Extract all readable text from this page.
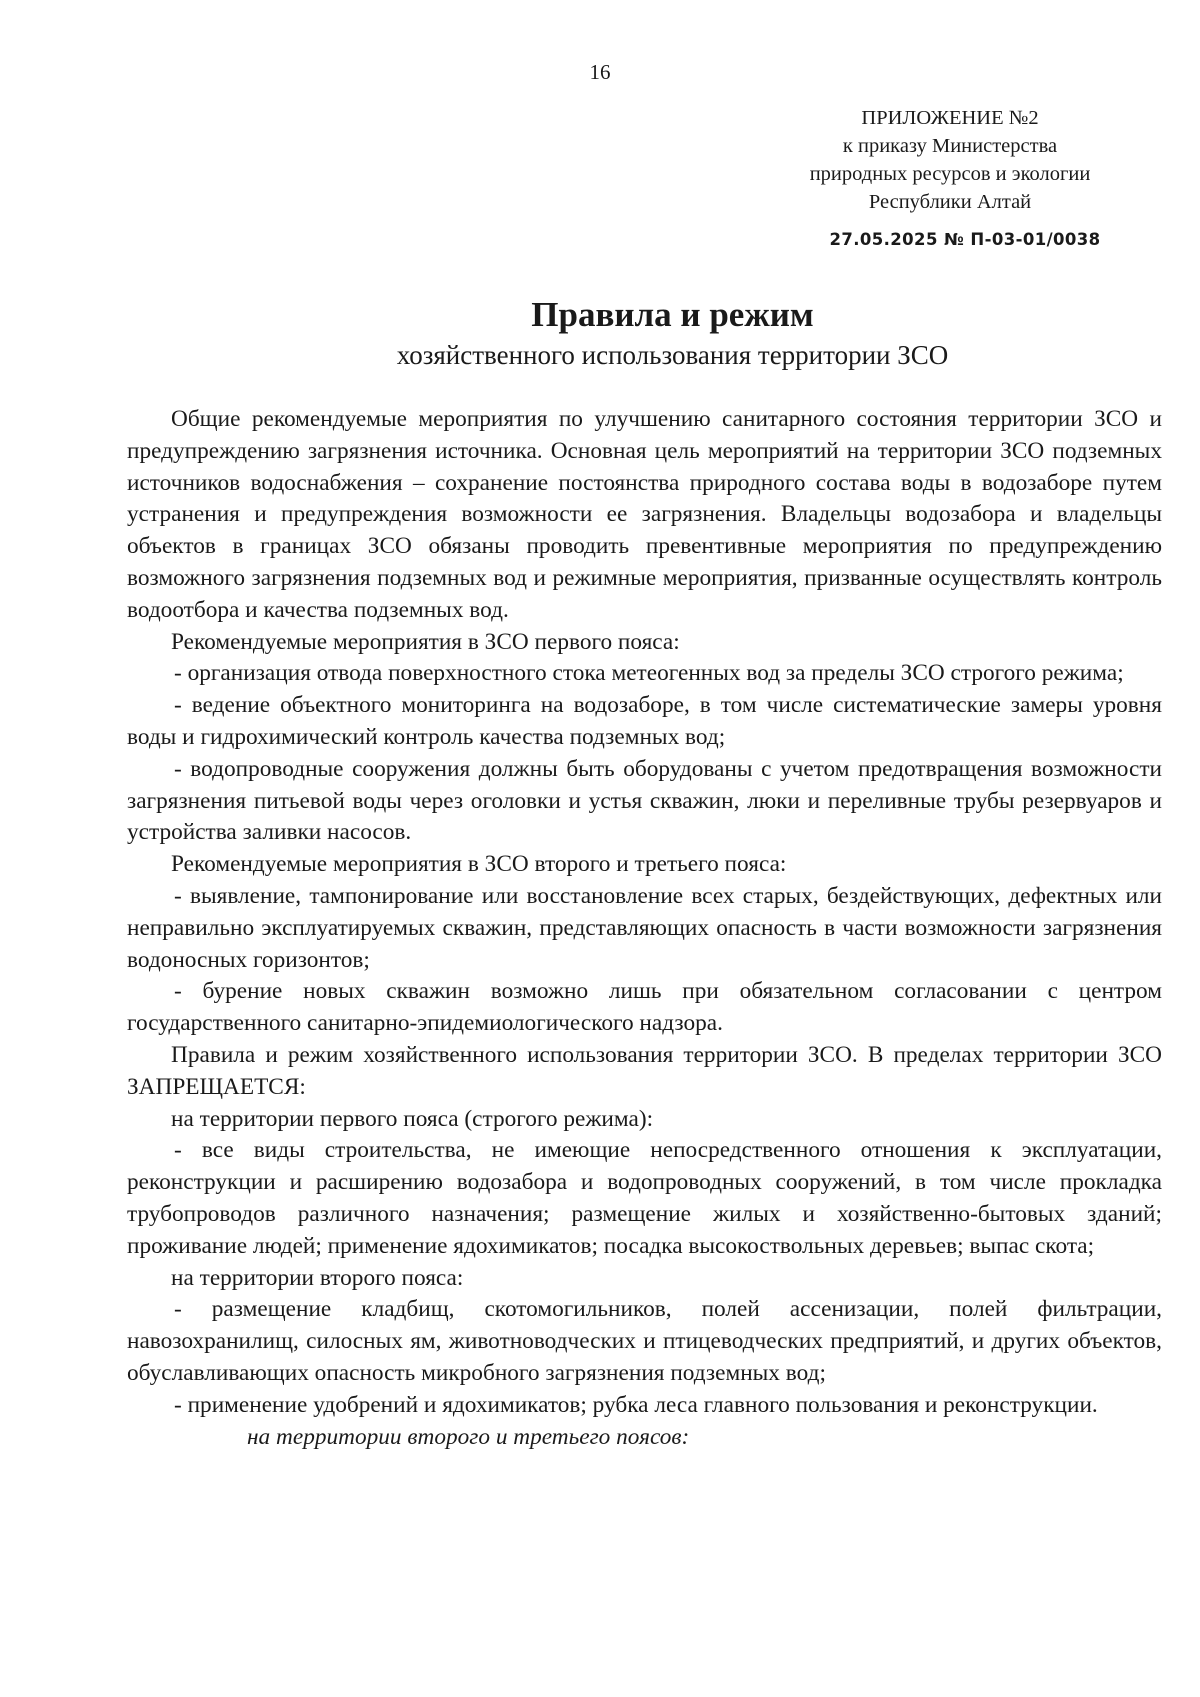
16
ПРИЛОЖЕНИЕ №2
к приказу Министерства
природных ресурсов и экологии
Республики Алтай
27.05.2025 № П-03-01/0038
Правила и режим
хозяйственного использования территории ЗСО

Общие рекомендуемые мероприятия по улучшению санитарного состояния территории ЗСО и предупреждению загрязнения источника. Основная цель мероприятий на территории ЗСО подземных источников водоснабжения – сохранение постоянства природного состава воды в водозаборе путем устранения и предупреждения возможности ее загрязнения. Владельцы водозабора и владельцы объектов в границах ЗСО обязаны проводить превентивные мероприятия по предупреждению возможного загрязнения подземных вод и режимные мероприятия, призванные осуществлять контроль водоотбора и качества подземных вод.

Рекомендуемые мероприятия в ЗСО первого пояса:

- организация отвода поверхностного стока метеогенных вод за пределы ЗСО строгого режима;

- ведение объектного мониторинга на водозаборе, в том числе систематические замеры уровня воды и гидрохимический контроль качества подземных вод;

- водопроводные сооружения должны быть оборудованы с учетом предотвращения возможности загрязнения питьевой воды через оголовки и устья скважин, люки и переливные трубы резервуаров и устройства заливки насосов.

Рекомендуемые мероприятия в ЗСО второго и третьего пояса:

- выявление, тампонирование или восстановление всех старых, бездействующих, дефектных или неправильно эксплуатируемых скважин, представляющих опасность в части возможности загрязнения водоносных горизонтов;

- бурение новых скважин возможно лишь при обязательном согласовании с центром государственного санитарно-эпидемиологического надзора.

Правила и режим хозяйственного использования территории ЗСО. В пределах территории ЗСО ЗАПРЕЩАЕТСЯ:

на территории первого пояса (строгого режима):

- все виды строительства, не имеющие непосредственного отношения к эксплуатации, реконструкции и расширению водозабора и водопроводных сооружений, в том числе прокладка трубопроводов различного назначения; размещение жилых и хозяйственно-бытовых зданий; проживание людей; применение ядохимикатов; посадка высокоствольных деревьев; выпас скота;

на территории второго пояса:

- размещение кладбищ, скотомогильников, полей ассенизации, полей фильтрации, навозохранилищ, силосных ям, животноводческих и птицеводческих предприятий, и других объектов, обуславливающих опасность микробного загрязнения подземных вод;

- применение удобрений и ядохимикатов; рубка леса главного пользования и реконструкции.

на территории второго и третьего поясов:
